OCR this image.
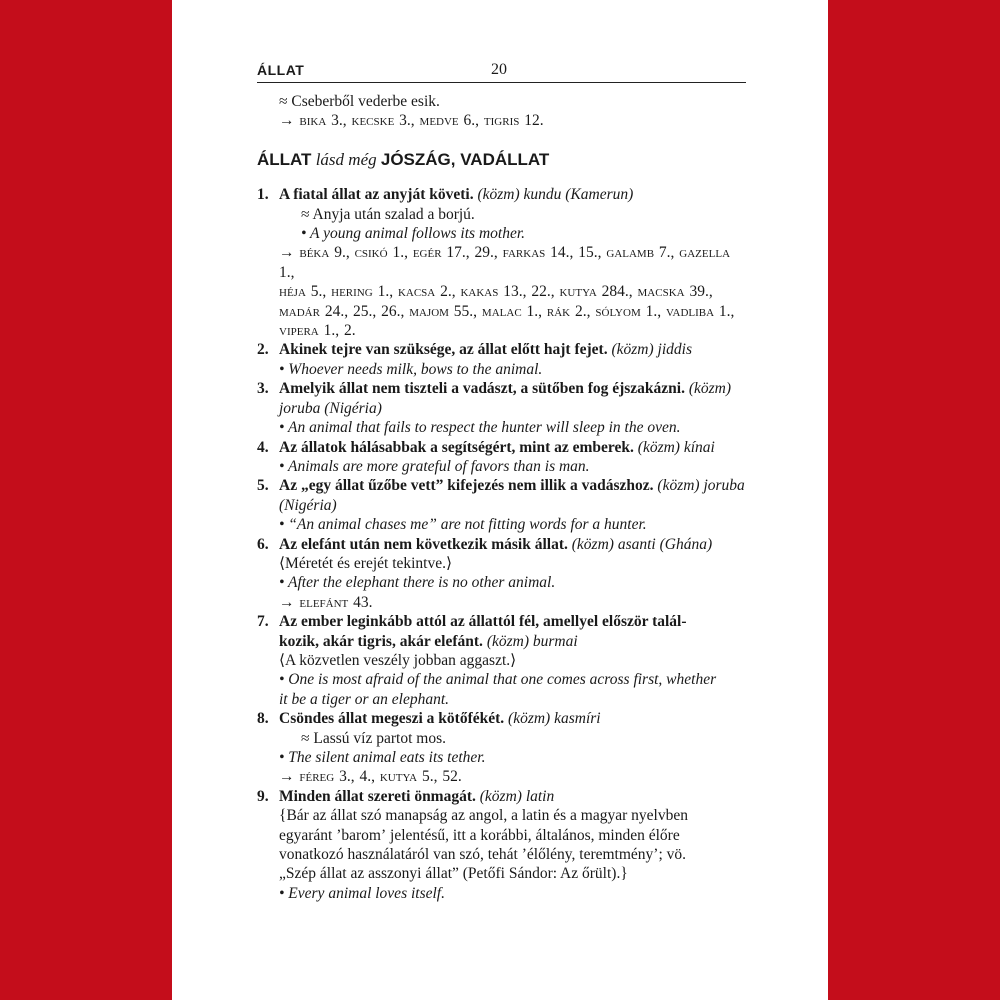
ÁLLAT	20
≈ Cseberből vederbe esik.
→ bika 3., kecske 3., medve 6., tigris 12.
ÁLLAT lásd még JÓSZÁG, VADÁLLAT
1. A fiatal állat az anyját követi. (közm) kundu (Kamerun)
≈ Anyja után szalad a borjú.
• A young animal follows its mother.
→ béka 9., csikó 1., egér 17., 29., farkas 14., 15., galamb 7., gazella 1.,
héja 5., hering 1., kacsa 2., kakas 13., 22., kutya 284., macska 39.,
madár 24., 25., 26., majom 55., malac 1., rák 2., sólyom 1., vadliba 1.,
vipera 1., 2.
2. Akinek tejre van szüksége, az állat előtt hajt fejet. (közm) jiddis
• Whoever needs milk, bows to the animal.
3. Amelyik állat nem tiszteli a vadászt, a sütőben fog éjszakázni. (közm) joruba (Nigéria)
• An animal that fails to respect the hunter will sleep in the oven.
4. Az állatok hálásabbak a segítségért, mint az emberek. (közm) kínai
• Animals are more grateful of favors than is man.
5. Az „egy állat űzőbe vett” kifejezés nem illik a vadászhoz. (közm) joruba (Nigéria)
• “An animal chases me” are not fitting words for a hunter.
6. Az elefánt után nem következik másik állat. (közm) asanti (Ghána)
⟨Méretét és erejét tekintve.⟩
• After the elephant there is no other animal.
→ elefánt 43.
7. Az ember leginkább attól az állattól fél, amellyel először talál-
kozik, akár tigris, akár elefánt. (közm) burmai
⟨A közvetlen veszély jobban aggaszt.⟩
• One is most afraid of the animal that one comes across first, whether
it be a tiger or an elephant.
8. Csöndes állat megeszi a kötőfékét. (közm) kasmíri
≈ Lassú víz partot mos.
• The silent animal eats its tether.
→ féreg 3., 4., kutya 5., 52.
9. Minden állat szereti önmagát. (közm) latin
{Bár az állat szó manapság az angol, a latin és a magyar nyelvben
egyaránt ʼbaromʼ jelentésű, itt a korábbi, általános, minden élőre
vonatkozó használatáról van szó, tehát ʼélőlény, teremtményʼ; vö.
„Szép állat az asszonyi állat” (Petőfi Sándor: Az őrült).}
• Every animal loves itself.
